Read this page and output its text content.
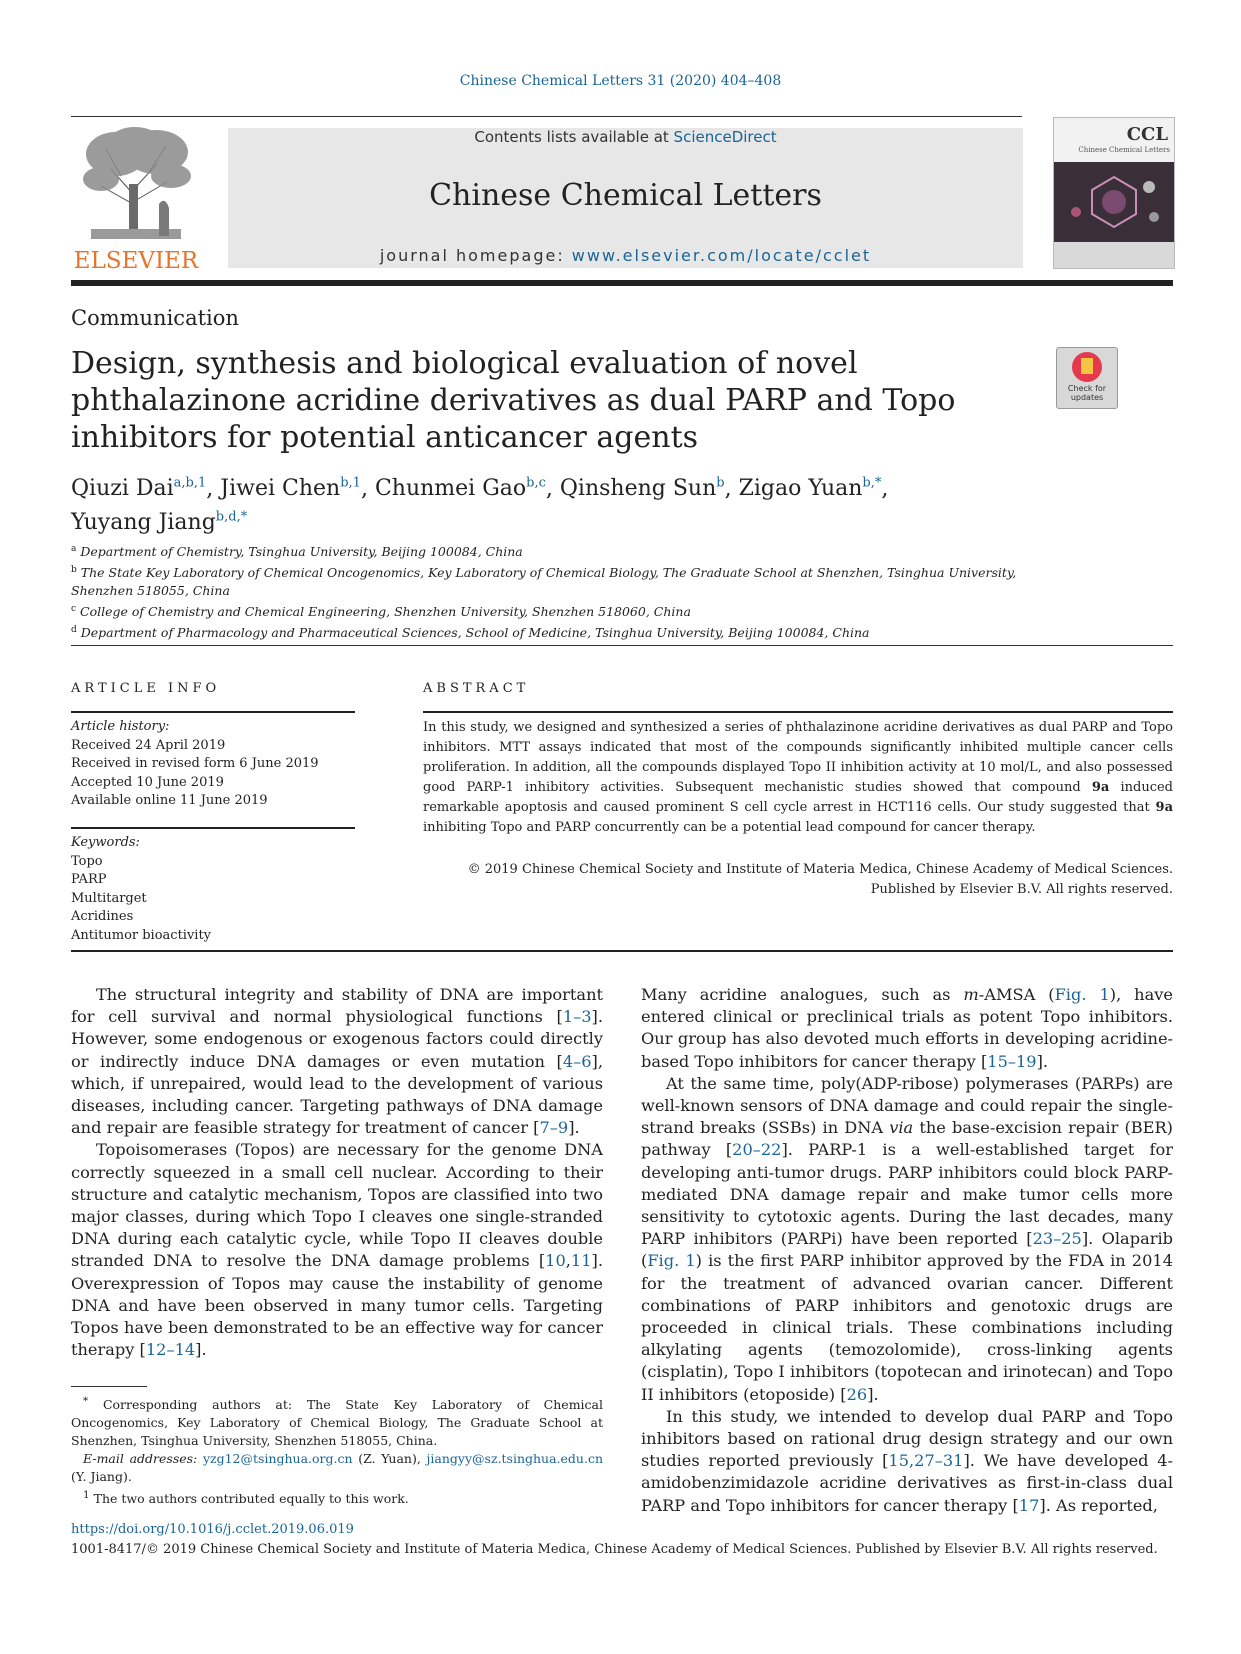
Chinese Chemical Letters 31 (2020) 404–408
ELSEVIER
Contents lists available at ScienceDirect
Chinese Chemical Letters
journal homepage: www.elsevier.com/locate/cclet
CCL
Chinese Chemical Letters
Communication
Design, synthesis and biological evaluation of novel phthalazinone acridine derivatives as dual PARP and Topo inhibitors for potential anticancer agents
Check for updates
Qiuzi Dai$^{a,b,1}$, Jiwei Chen$^{b,1}$, Chunmei Gao$^{b,c}$, Qinsheng Sun$^b$, Zigao Yuan$^{b,*}$,
Yuyang Jiang$^{b,d,*}$
$^a$ Department of Chemistry, Tsinghua University, Beijing 100084, China
$^b$ The State Key Laboratory of Chemical Oncogenomics, Key Laboratory of Chemical Biology, The Graduate School at Shenzhen, Tsinghua University, Shenzhen 518055, China
$^c$ College of Chemistry and Chemical Engineering, Shenzhen University, Shenzhen 518060, China
$^d$ Department of Pharmacology and Pharmaceutical Sciences, School of Medicine, Tsinghua University, Beijing 100084, China
ARTICLE INFO
Article history:
Received 24 April 2019
Received in revised form 6 June 2019
Accepted 10 June 2019
Available online 11 June 2019
Keywords:
Topo
PARP
Multitarget
Acridines
Antitumor bioactivity
ABSTRACT
In this study, we designed and synthesized a series of phthalazinone acridine derivatives as dual PARP and Topo inhibitors. MTT assays indicated that most of the compounds significantly inhibited multiple cancer cells proliferation. In addition, all the compounds displayed Topo II inhibition activity at 10 mol/L, and also possessed good PARP-1 inhibitory activities. Subsequent mechanistic studies showed that compound 9a induced remarkable apoptosis and caused prominent S cell cycle arrest in HCT116 cells. Our study suggested that 9a inhibiting Topo and PARP concurrently can be a potential lead compound for cancer therapy.
© 2019 Chinese Chemical Society and Institute of Materia Medica, Chinese Academy of Medical Sciences.
Published by Elsevier B.V. All rights reserved.

The structural integrity and stability of DNA are important for cell survival and normal physiological functions [1–3]. However, some endogenous or exogenous factors could directly or indirectly induce DNA damages or even mutation [4–6], which, if unrepaired, would lead to the development of various diseases, including cancer. Targeting pathways of DNA damage and repair are feasible strategy for treatment of cancer [7–9].

Topoisomerases (Topos) are necessary for the genome DNA correctly squeezed in a small cell nuclear. According to their structure and catalytic mechanism, Topos are classified into two major classes, during which Topo I cleaves one single-stranded DNA during each catalytic cycle, while Topo II cleaves double stranded DNA to resolve the DNA damage problems [10,11]. Overexpression of Topos may cause the instability of genome DNA and have been observed in many tumor cells. Targeting Topos have been demonstrated to be an effective way for cancer therapy [12–14].

Many acridine analogues, such as m-AMSA (Fig. 1), have entered clinical or preclinical trials as potent Topo inhibitors. Our group has also devoted much efforts in developing acridine-based Topo inhibitors for cancer therapy [15–19].

At the same time, poly(ADP-ribose) polymerases (PARPs) are well-known sensors of DNA damage and could repair the single-strand breaks (SSBs) in DNA via the base-excision repair (BER) pathway [20–22]. PARP-1 is a well-established target for developing anti-tumor drugs. PARP inhibitors could block PARP-mediated DNA damage repair and make tumor cells more sensitivity to cytotoxic agents. During the last decades, many PARP inhibitors (PARPi) have been reported [23–25]. Olaparib (Fig. 1) is the first PARP inhibitor approved by the FDA in 2014 for the treatment of advanced ovarian cancer. Different combinations of PARP inhibitors and genotoxic drugs are proceeded in clinical trials. These combinations including alkylating agents (temozolomide), cross-linking agents (cisplatin), Topo I inhibitors (topotecan and irinotecan) and Topo II inhibitors (etoposide) [26].

In this study, we intended to develop dual PARP and Topo inhibitors based on rational drug design strategy and our own studies reported previously [15,27–31]. We have developed 4-amidobenzimidazole acridine derivatives as first-in-class dual PARP and Topo inhibitors for cancer therapy [17]. As reported,

* Corresponding authors at: The State Key Laboratory of Chemical Oncogenomics, Key Laboratory of Chemical Biology, The Graduate School at Shenzhen, Tsinghua University, Shenzhen 518055, China.

E-mail addresses: yzg12@tsinghua.org.cn (Z. Yuan), jiangyy@sz.tsinghua.edu.cn (Y. Jiang).

$^1$ The two authors contributed equally to this work.

https://doi.org/10.1016/j.cclet.2019.06.019
1001-8417/© 2019 Chinese Chemical Society and Institute of Materia Medica, Chinese Academy of Medical Sciences. Published by Elsevier B.V. All rights reserved.
